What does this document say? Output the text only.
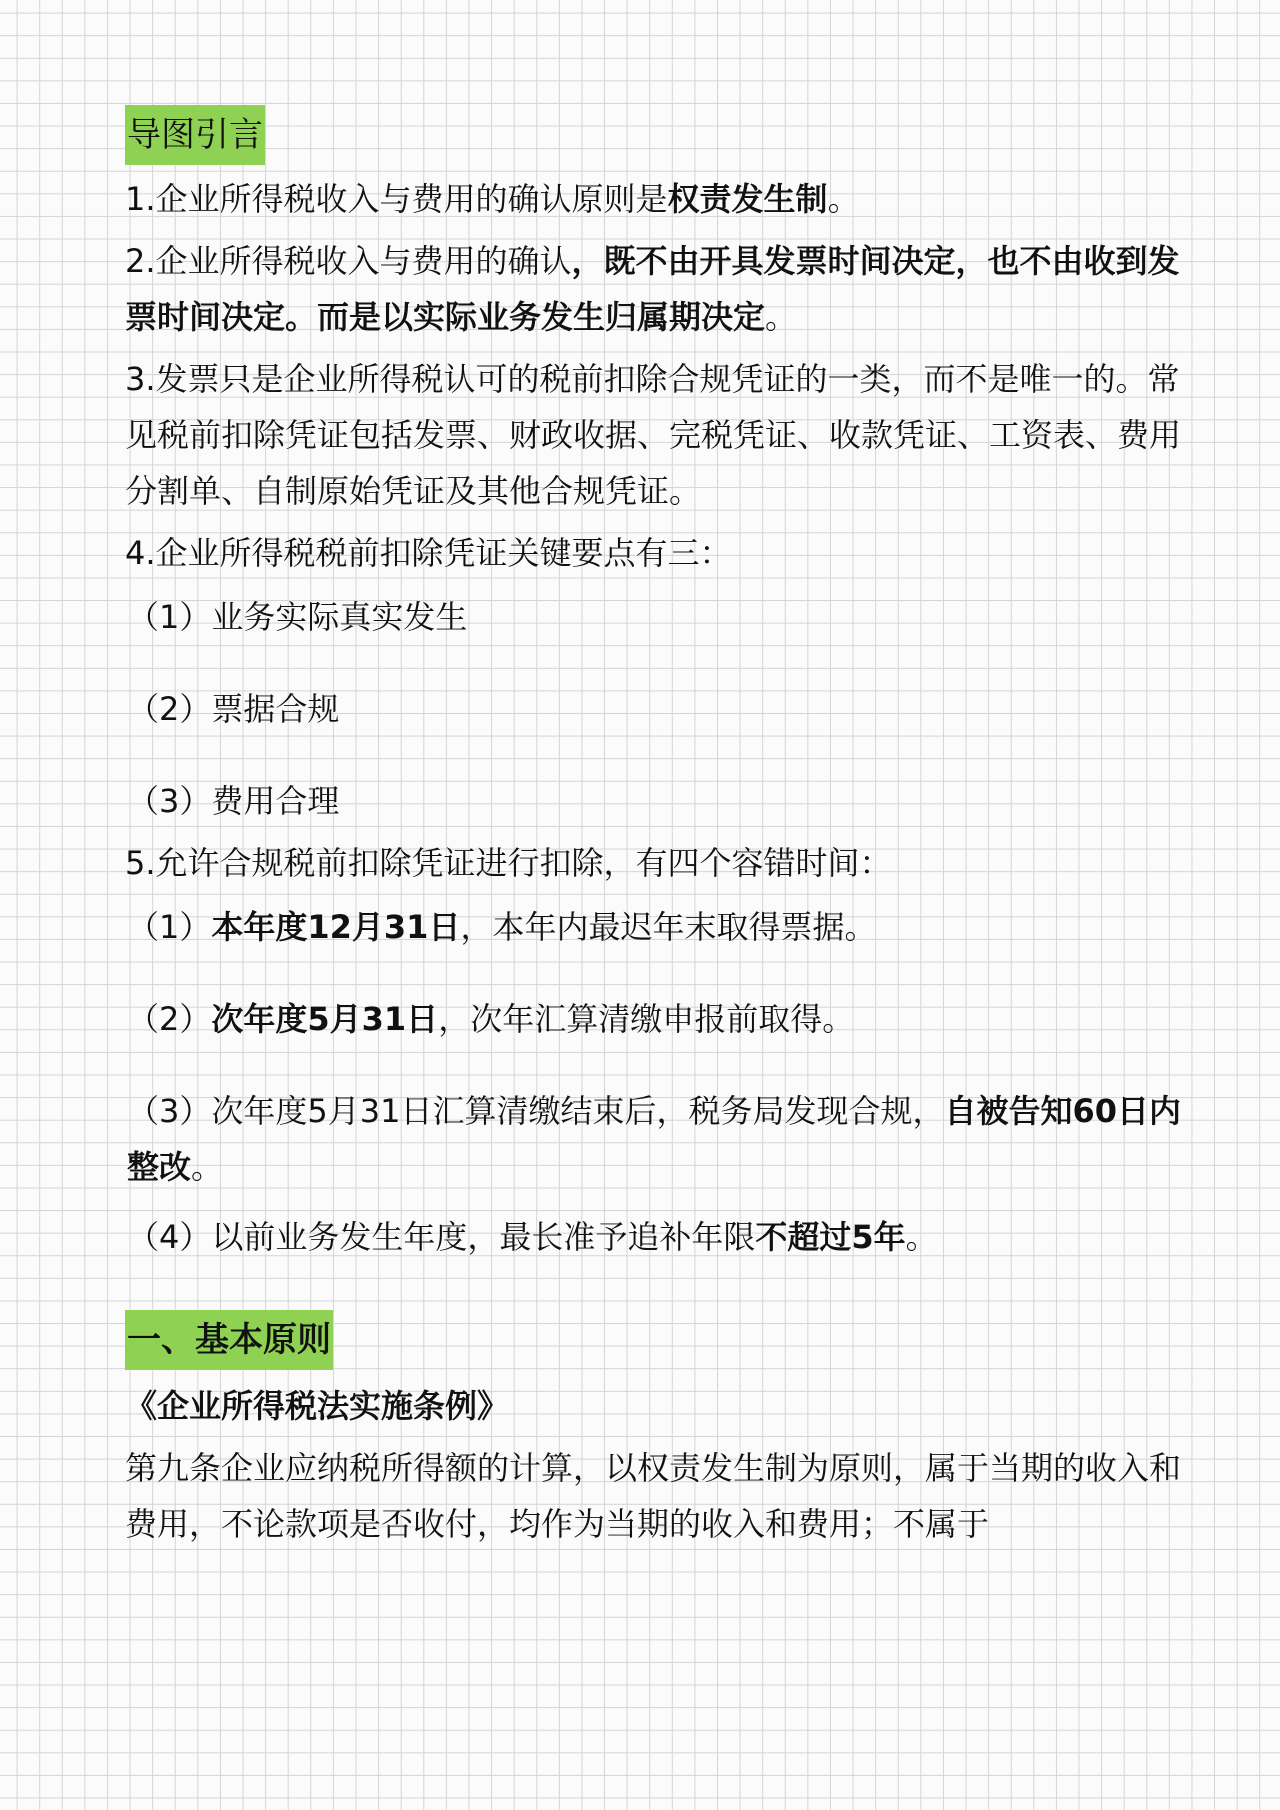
导图引言

1.企业所得税收入与费用的确认原则是权责发生制。

2.企业所得税收入与费用的确认，既不由开具发票时间决定，也不由收到发票时间决定。而是以实际业务发生归属期决定。

3.发票只是企业所得税认可的税前扣除合规凭证的一类，而不是唯一的。常见税前扣除凭证包括发票、财政收据、完税凭证、收款凭证、工资表、费用分割单、自制原始凭证及其他合规凭证。

4.企业所得税税前扣除凭证关键要点有三：

（1）业务实际真实发生

（2）票据合规

（3）费用合理

5.允许合规税前扣除凭证进行扣除，有四个容错时间：

（1）本年度12月31日，本年内最迟年末取得票据。

（2）次年度5月31日，次年汇算清缴申报前取得。

（3）次年度5月31日汇算清缴结束后，税务局发现合规，自被告知60日内整改。

（4）以前业务发生年度，最长准予追补年限不超过5年。

一、基本原则

《企业所得税法实施条例》

第九条企业应纳税所得额的计算，以权责发生制为原则，属于当期的收入和费用，不论款项是否收付，均作为当期的收入和费用；不属于
